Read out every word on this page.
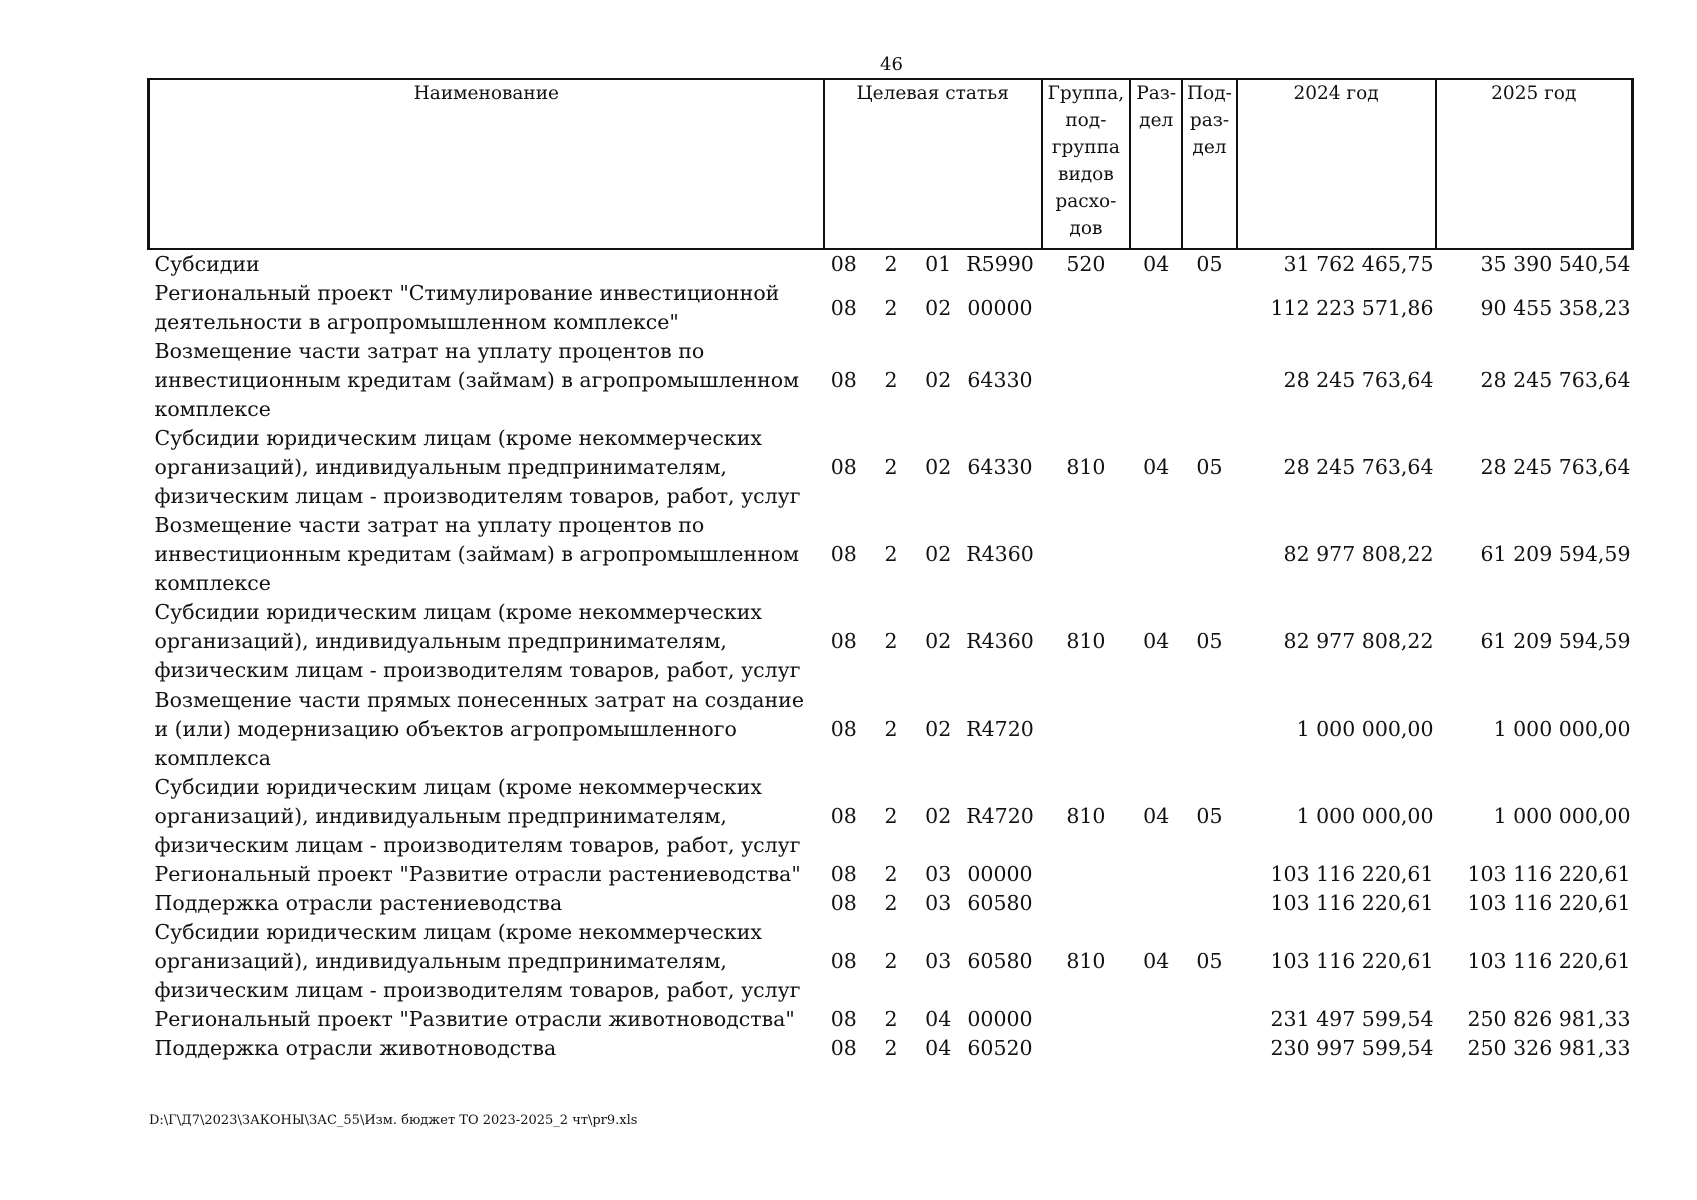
46
Наименование	Целевая статья				Группа, под-группа видов расхо-дов	Раз-дел	Под-раз-дел	2024 год	2025 год
Субсидии	08	2	01	R5990	520	04	05	31 762 465,75	35 390 540,54
Региональный проект "Стимулирование инвестиционной деятельности в агропромышленном комплексе"	08	2	02	00000				112 223 571,86	90 455 358,23
Возмещение части затрат на уплату процентов по инвестиционным кредитам (займам) в агропромышленном комплексе	08	2	02	64330				28 245 763,64	28 245 763,64
Субсидии юридическим лицам (кроме некоммерческих организаций), индивидуальным предпринимателям, физическим лицам - производителям товаров, работ, услуг	08	2	02	64330	810	04	05	28 245 763,64	28 245 763,64
Возмещение части затрат на уплату процентов по инвестиционным кредитам (займам) в агропромышленном комплексе	08	2	02	R4360				82 977 808,22	61 209 594,59
Субсидии юридическим лицам (кроме некоммерческих организаций), индивидуальным предпринимателям, физическим лицам - производителям товаров, работ, услуг	08	2	02	R4360	810	04	05	82 977 808,22	61 209 594,59
Возмещение части прямых понесенных затрат на создание и (или) модернизацию объектов агропромышленного комплекса	08	2	02	R4720				1 000 000,00	1 000 000,00
Субсидии юридическим лицам (кроме некоммерческих организаций), индивидуальным предпринимателям, физическим лицам - производителям товаров, работ, услуг	08	2	02	R4720	810	04	05	1 000 000,00	1 000 000,00
Региональный проект "Развитие отрасли растениеводства"	08	2	03	00000				103 116 220,61	103 116 220,61
Поддержка отрасли растениеводства	08	2	03	60580				103 116 220,61	103 116 220,61
Субсидии юридическим лицам (кроме некоммерческих организаций), индивидуальным предпринимателям, физическим лицам - производителям товаров, работ, услуг	08	2	03	60580	810	04	05	103 116 220,61	103 116 220,61
Региональный проект "Развитие отрасли животноводства"	08	2	04	00000				231 497 599,54	250 826 981,33
Поддержка отрасли животноводства	08	2	04	60520				230 997 599,54	250 326 981,33
D:\Г\Д7\2023\ЗАКОНЫ\ЗАС_55\Изм. бюджет ТО 2023-2025_2 чт\pr9.xls
